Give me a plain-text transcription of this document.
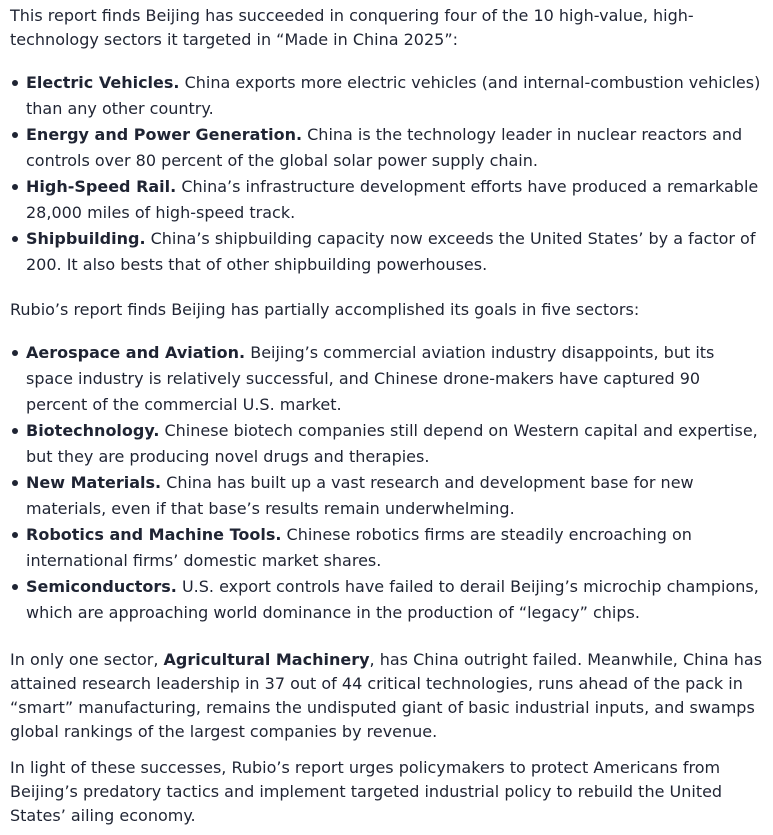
This report finds Beijing has succeeded in conquering four of the 10 high-value, high-technology sectors it targeted in “Made in China 2025”:

Electric Vehicles. China exports more electric vehicles (and internal-combustion vehicles) than any other country.
Energy and Power Generation. China is the technology leader in nuclear reactors and controls over 80 percent of the global solar power supply chain.
High-Speed Rail. China’s infrastructure development efforts have produced a remarkable 28,000 miles of high-speed track.
Shipbuilding. China’s shipbuilding capacity now exceeds the United States’ by a factor of 200. It also bests that of other shipbuilding powerhouses.

Rubio’s report finds Beijing has partially accomplished its goals in five sectors:

Aerospace and Aviation. Beijing’s commercial aviation industry disappoints, but its space industry is relatively successful, and Chinese drone-makers have captured 90 percent of the commercial U.S. market.
Biotechnology. Chinese biotech companies still depend on Western capital and expertise, but they are producing novel drugs and therapies.
New Materials. China has built up a vast research and development base for new materials, even if that base’s results remain underwhelming.
Robotics and Machine Tools. Chinese robotics firms are steadily encroaching on international firms’ domestic market shares.
Semiconductors. U.S. export controls have failed to derail Beijing’s microchip champions, which are approaching world dominance in the production of “legacy” chips.

In only one sector, Agricultural Machinery, has China outright failed. Meanwhile, China has attained research leadership in 37 out of 44 critical technologies, runs ahead of the pack in “smart” manufacturing, remains the undisputed giant of basic industrial inputs, and swamps global rankings of the largest companies by revenue.

In light of these successes, Rubio’s report urges policymakers to protect Americans from Beijing’s predatory tactics and implement targeted industrial policy to rebuild the United States’ ailing economy.
